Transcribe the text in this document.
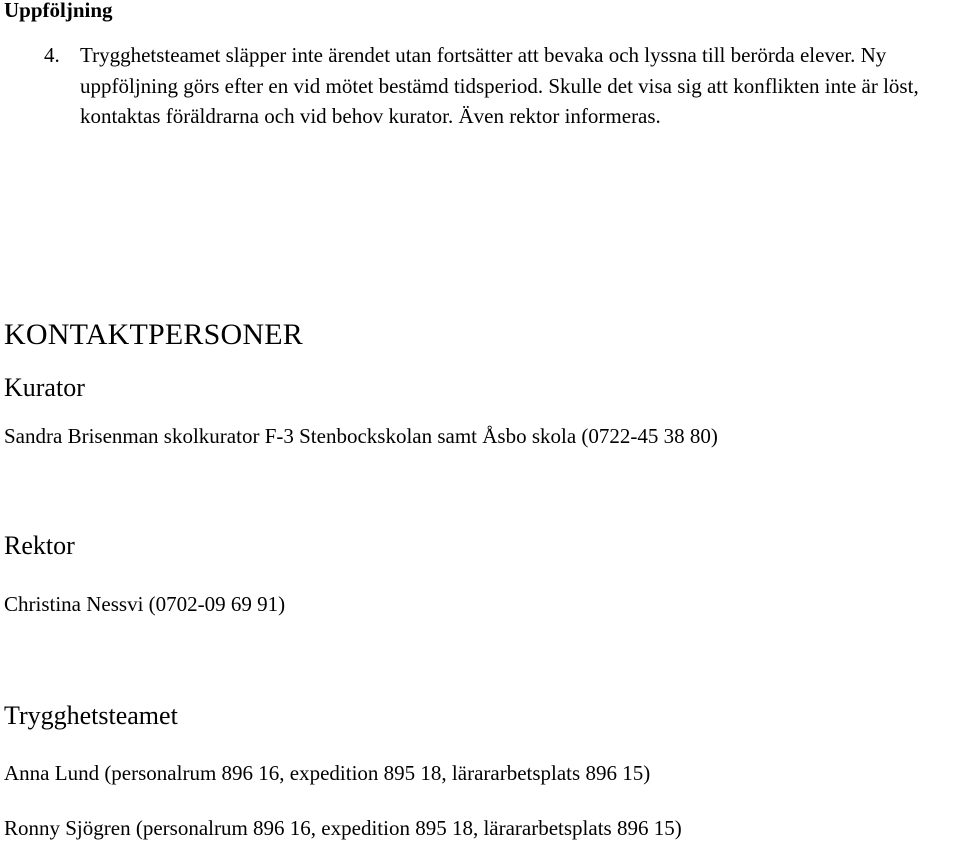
Uppföljning
4. Trygghetsteamet släpper inte ärendet utan fortsätter att bevaka och lyssna till berörda elever. Ny uppföljning görs efter en vid mötet bestämd tidsperiod. Skulle det visa sig att konflikten inte är löst, kontaktas föräldrarna och vid behov kurator. Även rektor informeras.
KONTAKTPERSONER
Kurator
Sandra Brisenman skolkurator F-3 Stenbockskolan samt Åsbo skola (0722-45 38 80)
Rektor
Christina Nessvi (0702-09 69 91)
Trygghetsteamet
Anna Lund (personalrum 896 16, expedition 895 18, lärararbetsplats 896 15)
Ronny Sjögren (personalrum 896 16, expedition 895 18, lärararbetsplats 896 15)
